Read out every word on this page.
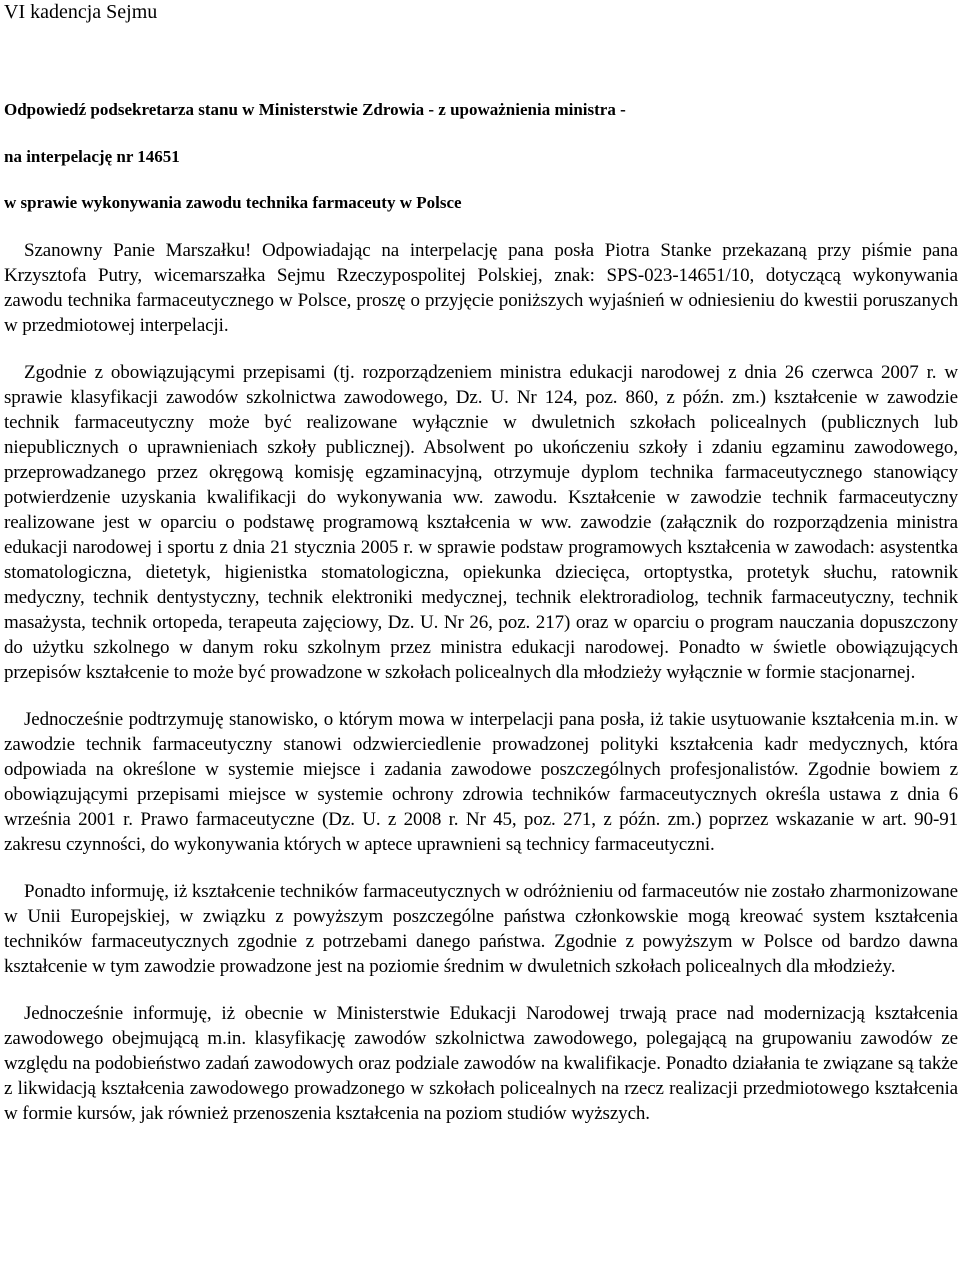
VI kadencja Sejmu

Odpowiedź podsekretarza stanu w Ministerstwie Zdrowia - z upoważnienia ministra -

na interpelację nr 14651

w sprawie wykonywania zawodu technika farmaceuty w Polsce

Szanowny Panie Marszałku! Odpowiadając na interpelację pana posła Piotra Stanke przekazaną przy piśmie pana Krzysztofa Putry, wicemarszałka Sejmu Rzeczypospolitej Polskiej, znak: SPS-023-14651/10, dotyczącą wykonywania zawodu technika farmaceutycznego w Polsce, proszę o przyjęcie poniższych wyjaśnień w odniesieniu do kwestii poruszanych w przedmiotowej interpelacji.

Zgodnie z obowiązującymi przepisami (tj. rozporządzeniem ministra edukacji narodowej z dnia 26 czerwca 2007 r. w sprawie klasyfikacji zawodów szkolnictwa zawodowego, Dz. U. Nr 124, poz. 860, z późn. zm.) kształcenie w zawodzie technik farmaceutyczny może być realizowane wyłącznie w dwuletnich szkołach policealnych (publicznych lub niepublicznych o uprawnieniach szkoły publicznej). Absolwent po ukończeniu szkoły i zdaniu egzaminu zawodowego, przeprowadzanego przez okręgową komisję egzaminacyjną, otrzymuje dyplom technika farmaceutycznego stanowiący potwierdzenie uzyskania kwalifikacji do wykonywania ww. zawodu. Kształcenie w zawodzie technik farmaceutyczny realizowane jest w oparciu o podstawę programową kształcenia w ww. zawodzie (załącznik do rozporządzenia ministra edukacji narodowej i sportu z dnia 21 stycznia 2005 r. w sprawie podstaw programowych kształcenia w zawodach: asystentka stomatologiczna, dietetyk, higienistka stomatologiczna, opiekunka dziecięca, ortoptystka, protetyk słuchu, ratownik medyczny, technik dentystyczny, technik elektroniki medycznej, technik elektroradiolog, technik farmaceutyczny, technik masażysta, technik ortopeda, terapeuta zajęciowy, Dz. U. Nr 26, poz. 217) oraz w oparciu o program nauczania dopuszczony do użytku szkolnego w danym roku szkolnym przez ministra edukacji narodowej. Ponadto w świetle obowiązujących przepisów kształcenie to może być prowadzone w szkołach policealnych dla młodzieży wyłącznie w formie stacjonarnej.

Jednocześnie podtrzymuję stanowisko, o którym mowa w interpelacji pana posła, iż takie usytuowanie kształcenia m.in. w zawodzie technik farmaceutyczny stanowi odzwierciedlenie prowadzonej polityki kształcenia kadr medycznych, która odpowiada na określone w systemie miejsce i zadania zawodowe poszczególnych profesjonalistów. Zgodnie bowiem z obowiązującymi przepisami miejsce w systemie ochrony zdrowia techników farmaceutycznych określa ustawa z dnia 6 września 2001 r. Prawo farmaceutyczne (Dz. U. z 2008 r. Nr 45, poz. 271, z późn. zm.) poprzez wskazanie w art. 90-91 zakresu czynności, do wykonywania których w aptece uprawnieni są technicy farmaceutyczni.

Ponadto informuję, iż kształcenie techników farmaceutycznych w odróżnieniu od farmaceutów nie zostało zharmonizowane w Unii Europejskiej, w związku z powyższym poszczególne państwa członkowskie mogą kreować system kształcenia techników farmaceutycznych zgodnie z potrzebami danego państwa. Zgodnie z powyższym w Polsce od bardzo dawna kształcenie w tym zawodzie prowadzone jest na poziomie średnim w dwuletnich szkołach policealnych dla młodzieży.

Jednocześnie informuję, iż obecnie w Ministerstwie Edukacji Narodowej trwają prace nad modernizacją kształcenia zawodowego obejmującą m.in. klasyfikację zawodów szkolnictwa zawodowego, polegającą na grupowaniu zawodów ze względu na podobieństwo zadań zawodowych oraz podziale zawodów na kwalifikacje. Ponadto działania te związane są także z likwidacją kształcenia zawodowego prowadzonego w szkołach policealnych na rzecz realizacji przedmiotowego kształcenia w formie kursów, jak również przenoszenia kształcenia na poziom studiów wyższych.
